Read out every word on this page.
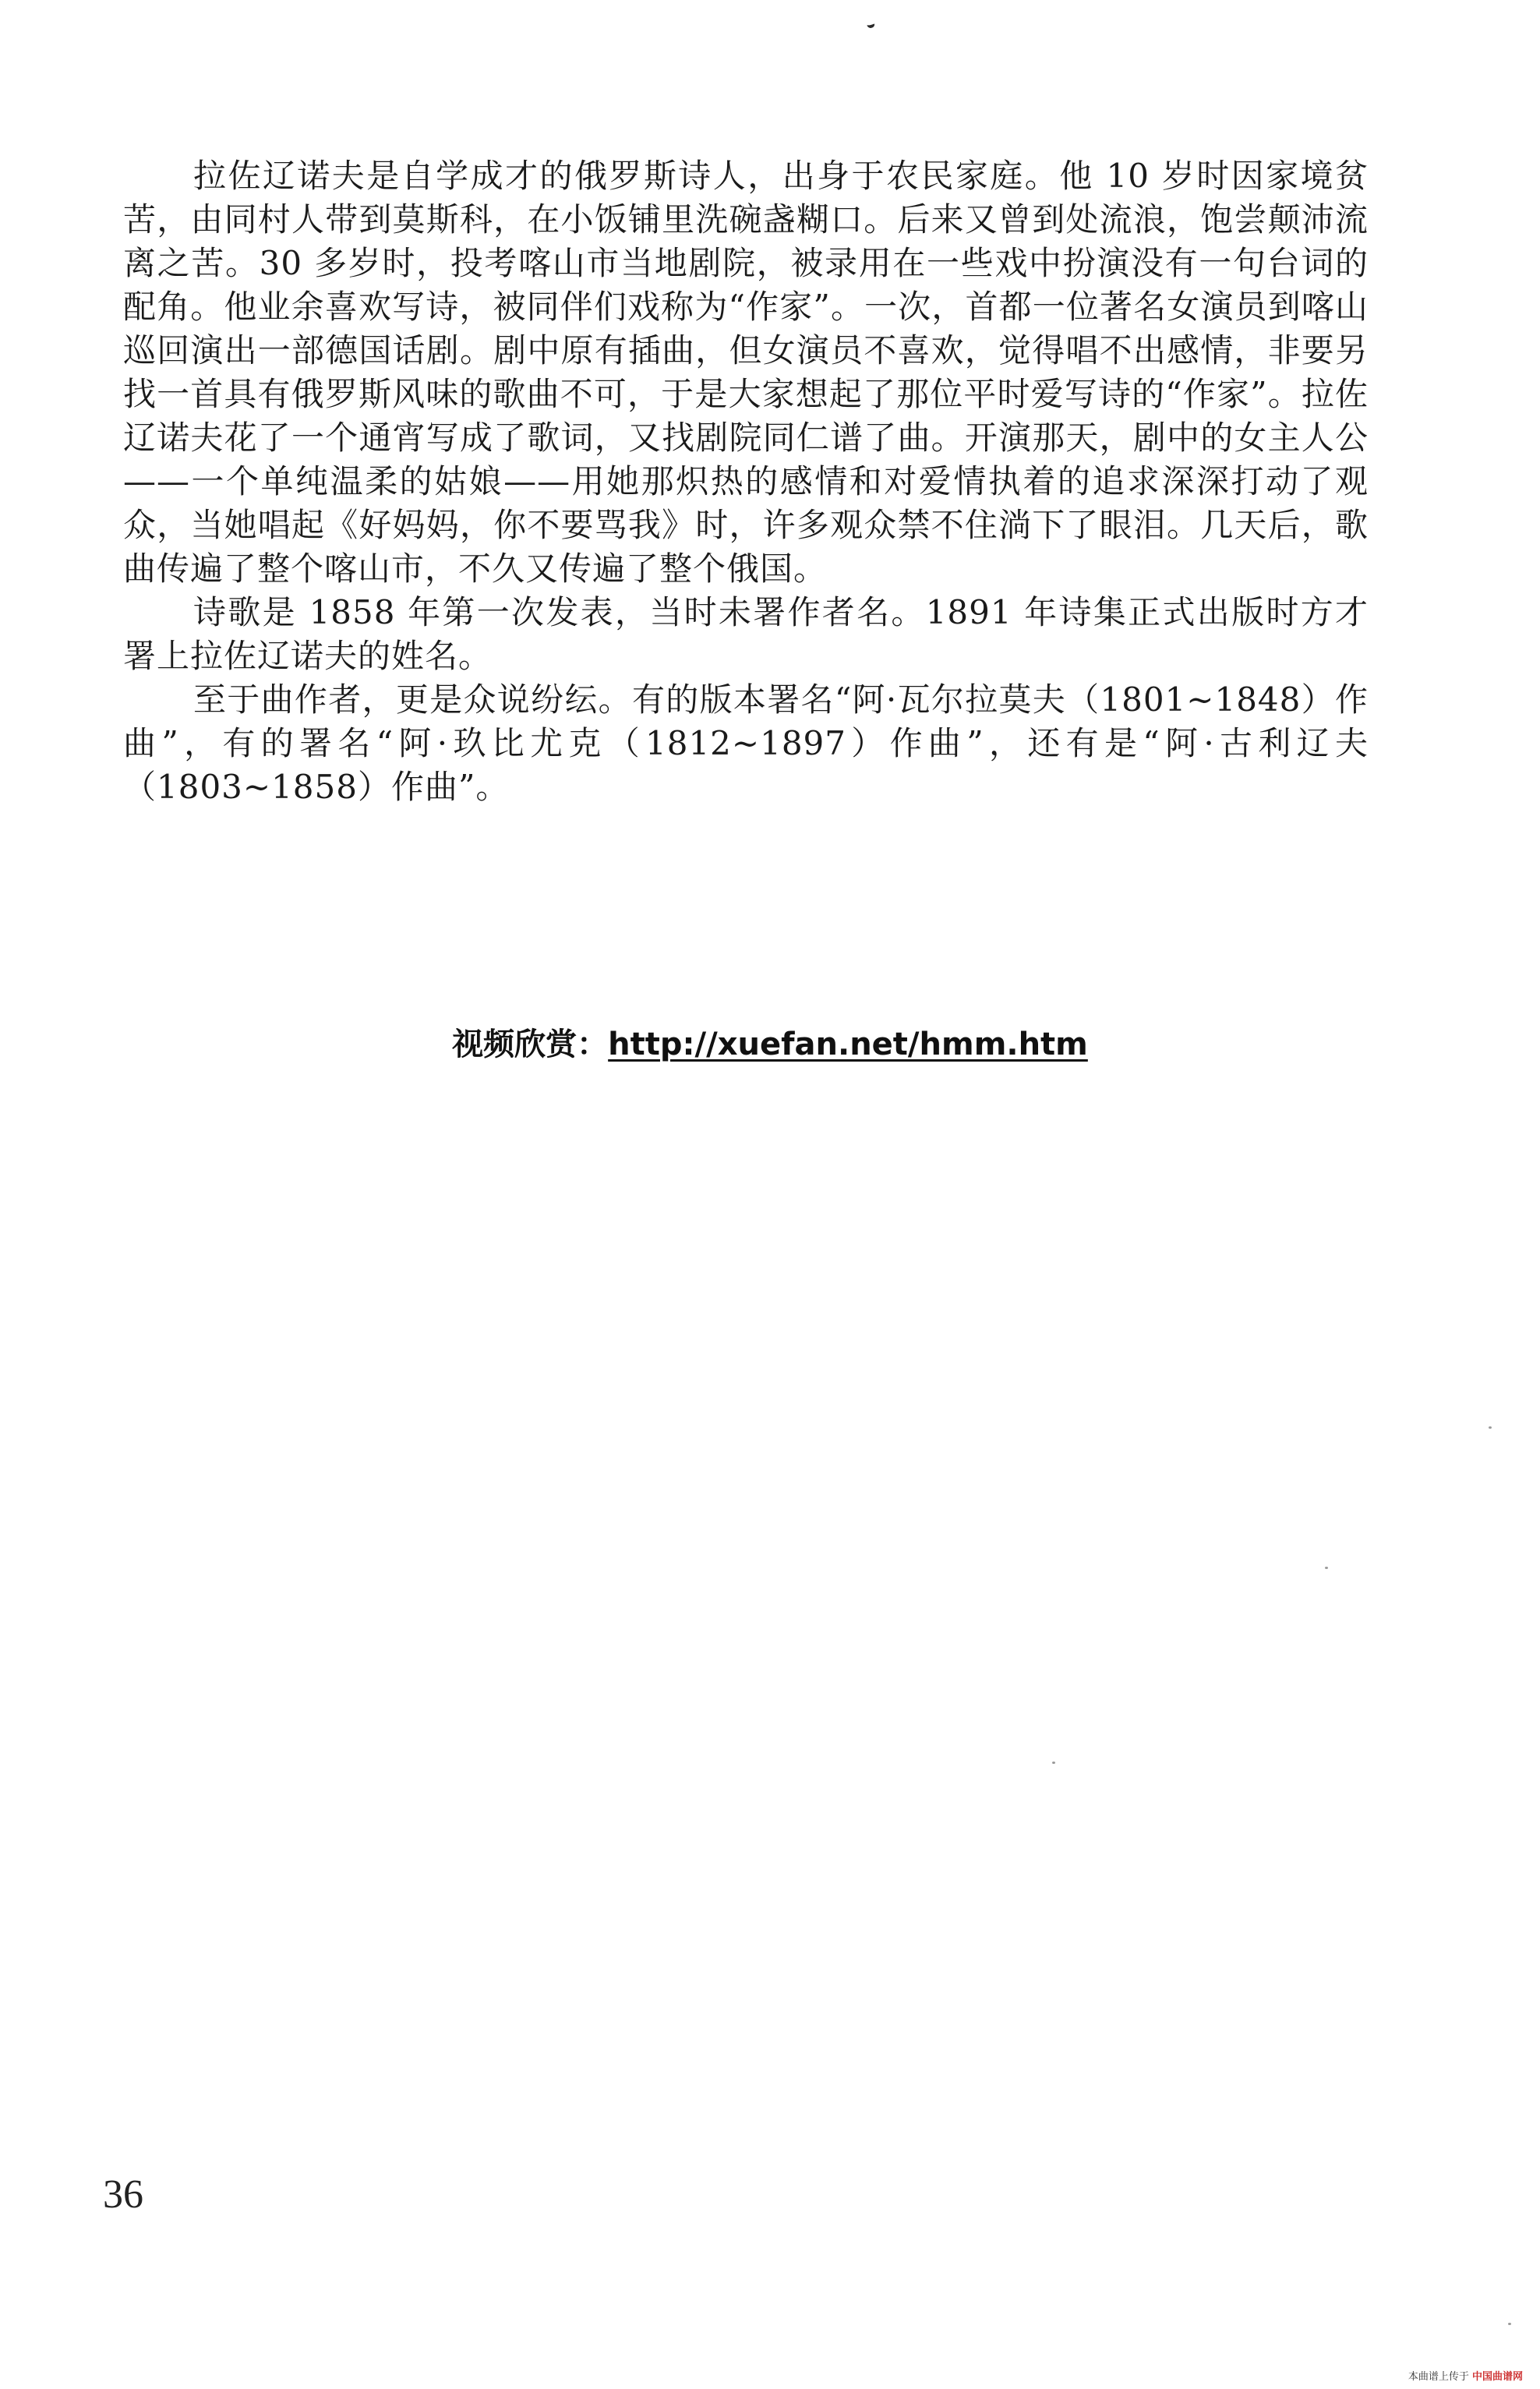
拉佐辽诺夫是自学成才的俄罗斯诗人，出身于农民家庭。他 10 岁时因家境贫苦，由同村人带到莫斯科，在小饭铺里洗碗盏糊口。后来又曾到处流浪，饱尝颠沛流离之苦。30 多岁时，投考喀山市当地剧院，被录用在一些戏中扮演没有一句台词的配角。他业余喜欢写诗，被同伴们戏称为“作家”。一次，首都一位著名女演员到喀山巡回演出一部德国话剧。剧中原有插曲，但女演员不喜欢，觉得唱不出感情，非要另找一首具有俄罗斯风味的歌曲不可，于是大家想起了那位平时爱写诗的“作家”。拉佐辽诺夫花了一个通宵写成了歌词，又找剧院同仁谱了曲。开演那天，剧中的女主人公——一个单纯温柔的姑娘——用她那炽热的感情和对爱情执着的追求深深打动了观众，当她唱起《好妈妈，你不要骂我》时，许多观众禁不住淌下了眼泪。几天后，歌曲传遍了整个喀山市，不久又传遍了整个俄国。

诗歌是 1858 年第一次发表，当时未署作者名。1891 年诗集正式出版时方才署上拉佐辽诺夫的姓名。

至于曲作者，更是众说纷纭。有的版本署名“阿·瓦尔拉莫夫（1801~1848）作曲”，有的署名“阿·玖比尤克（1812~1897）作曲”，还有是“阿·古利辽夫（1803~1858）作曲”。

视频欣赏：http://xuefan.net/hmm.htm
36
本曲谱上传于 中国曲谱网
